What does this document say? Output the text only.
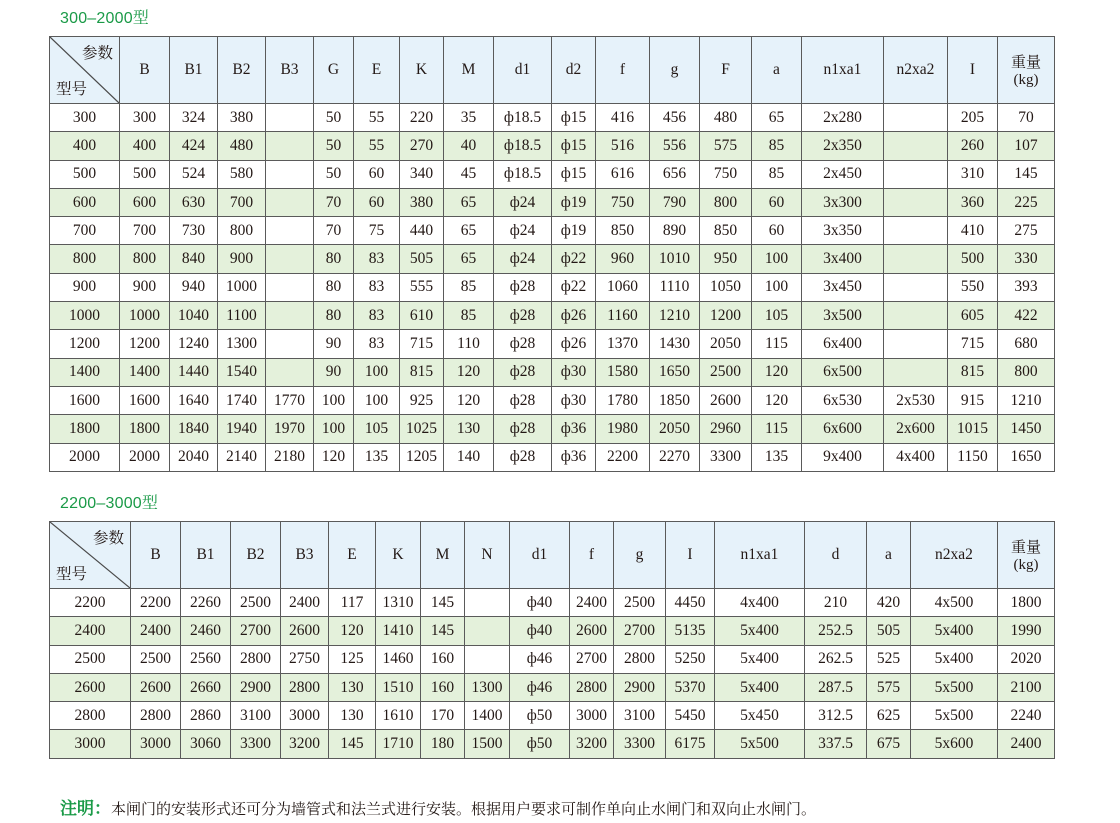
300–2000型
参数
型号	B	B1	B2	B3	G	E	K	M	d1	d2	f	g	F	a	n1xa1	n2xa2	I	重量
(kg)

300	300	324	380		50	55	220	35	ф18.5	ф15	416	456	480	65	2x280		205	70
400	400	424	480		50	55	270	40	ф18.5	ф15	516	556	575	85	2x350		260	107
500	500	524	580		50	60	340	45	ф18.5	ф15	616	656	750	85	2x450		310	145
600	600	630	700		70	60	380	65	ф24	ф19	750	790	800	60	3x300		360	225
700	700	730	800		70	75	440	65	ф24	ф19	850	890	850	60	3x350		410	275
800	800	840	900		80	83	505	65	ф24	ф22	960	1010	950	100	3x400		500	330
900	900	940	1000		80	83	555	85	ф28	ф22	1060	1110	1050	100	3x450		550	393
1000	1000	1040	1100		80	83	610	85	ф28	ф26	1160	1210	1200	105	3x500		605	422
1200	1200	1240	1300		90	83	715	110	ф28	ф26	1370	1430	2050	115	6x400		715	680
1400	1400	1440	1540		90	100	815	120	ф28	ф30	1580	1650	2500	120	6x500		815	800
1600	1600	1640	1740	1770	100	100	925	120	ф28	ф30	1780	1850	2600	120	6x530	2x530	915	1210
1800	1800	1840	1940	1970	100	105	1025	130	ф28	ф36	1980	2050	2960	115	6x600	2x600	1015	1450
2000	2000	2040	2140	2180	120	135	1205	140	ф28	ф36	2200	2270	3300	135	9x400	4x400	1150	1650
2200–3000型
参数
型号	B	B1	B2	B3	E	K	M	N	d1	f	g	I	n1xa1	d	a	n2xa2	重量
(kg)

2200	2200	2260	2500	2400	117	1310	145		ф40	2400	2500	4450	4x400	210	420	4x500	1800
2400	2400	2460	2700	2600	120	1410	145		ф40	2600	2700	5135	5x400	252.5	505	5x400	1990
2500	2500	2560	2800	2750	125	1460	160		ф46	2700	2800	5250	5x400	262.5	525	5x400	2020
2600	2600	2660	2900	2800	130	1510	160	1300	ф46	2800	2900	5370	5x400	287.5	575	5x500	2100
2800	2800	2860	3100	3000	130	1610	170	1400	ф50	3000	3100	5450	5x450	312.5	625	5x500	2240
3000	3000	3060	3300	3200	145	1710	180	1500	ф50	3200	3300	6175	5x500	337.5	675	5x600	2400
注明：本闸门的安装形式还可分为墙管式和法兰式进行安装。根据用户要求可制作单向止水闸门和双向止水闸门。
